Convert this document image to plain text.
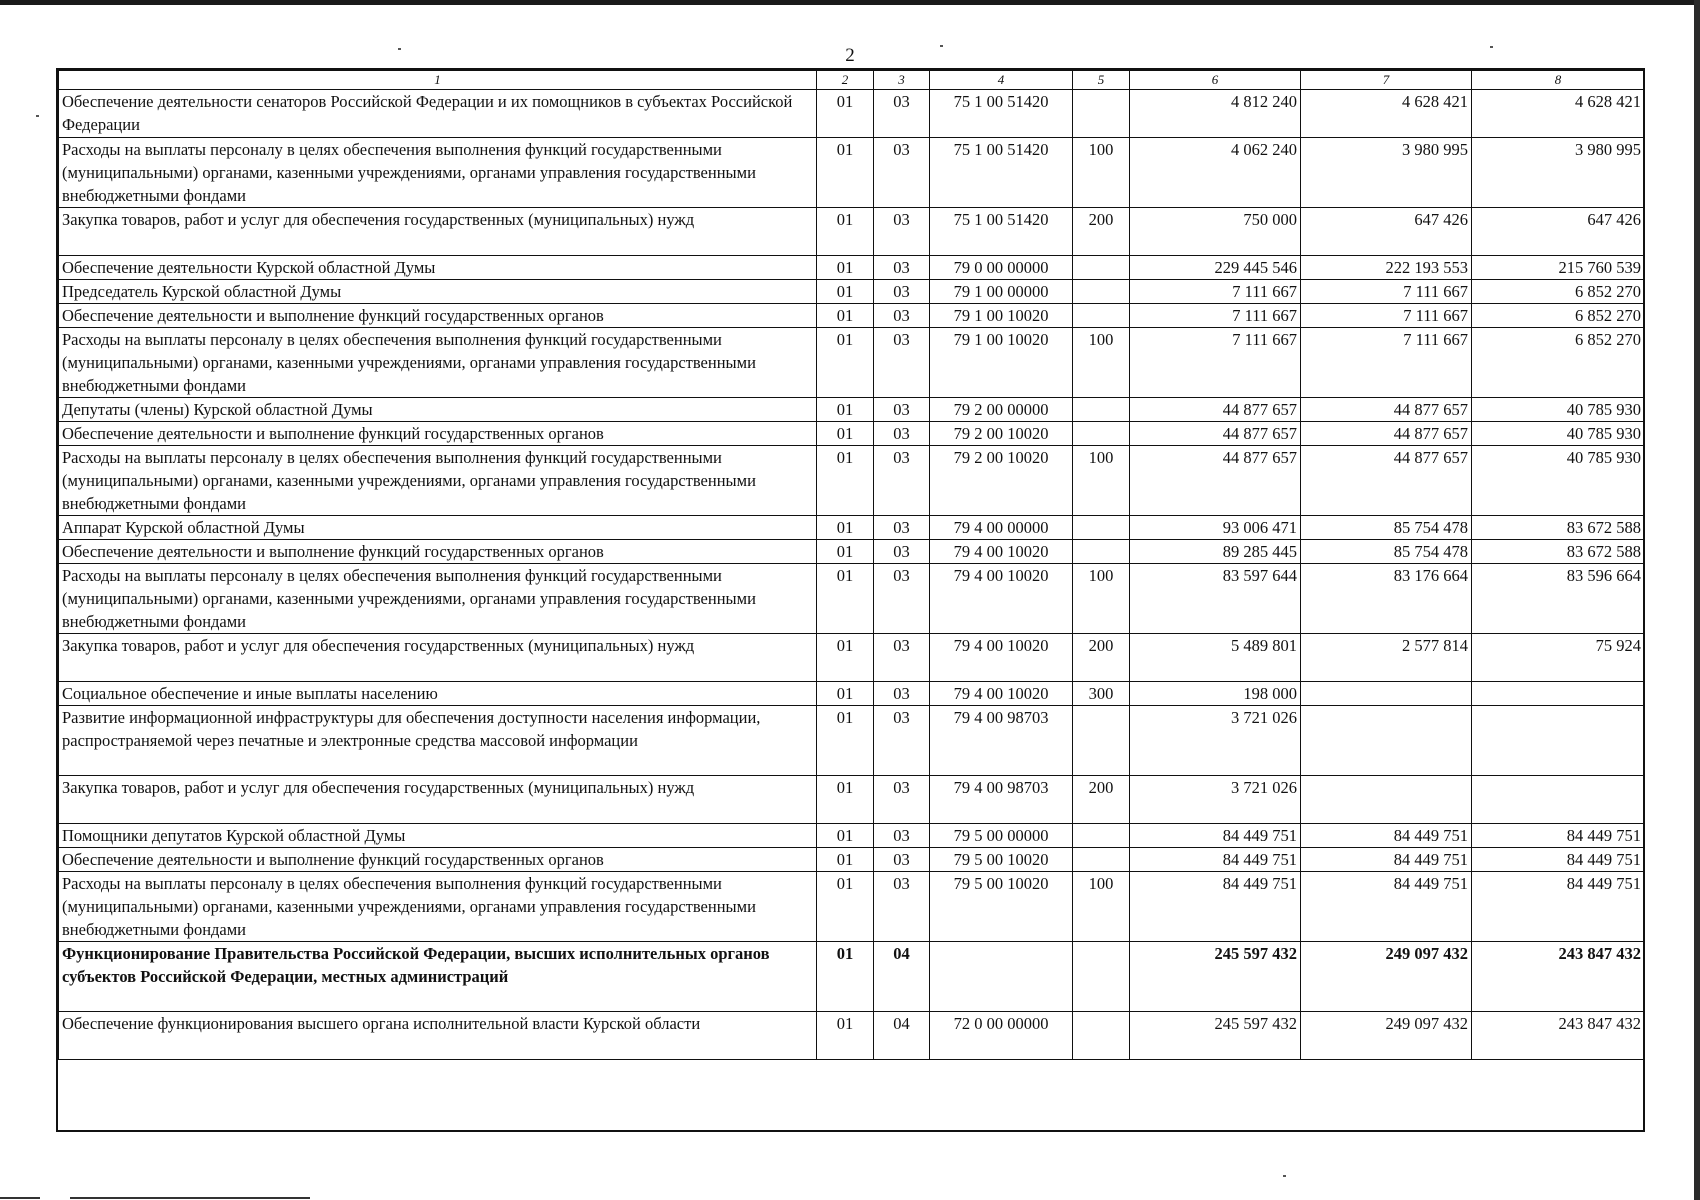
2
1	2	3	4	5	6	7	8
Обеспечение деятельности сенаторов Российской Федерации и их помощников в субъектах Российской Федерации	01	03	75 1 00 51420		4 812 240	4 628 421	4 628 421
Расходы на выплаты персоналу в целях обеспечения выполнения функций государственными (муниципальными) органами, казенными учреждениями, органами управления государственными внебюджетными фондами	01	03	75 1 00 51420	100	4 062 240	3 980 995	3 980 995
Закупка товаров, работ и услуг для обеспечения государственных (муниципальных) нужд	01	03	75 1 00 51420	200	750 000	647 426	647 426
Обеспечение деятельности Курской областной Думы	01	03	79 0 00 00000		229 445 546	222 193 553	215 760 539
Председатель Курской областной Думы	01	03	79 1 00 00000		7 111 667	7 111 667	6 852 270
Обеспечение деятельности и выполнение функций государственных органов	01	03	79 1 00 10020		7 111 667	7 111 667	6 852 270
Расходы на выплаты персоналу в целях обеспечения выполнения функций государственными (муниципальными) органами, казенными учреждениями, органами управления государственными внебюджетными фондами	01	03	79 1 00 10020	100	7 111 667	7 111 667	6 852 270
Депутаты (члены) Курской областной Думы	01	03	79 2 00 00000		44 877 657	44 877 657	40 785 930
Обеспечение деятельности и выполнение функций государственных органов	01	03	79 2 00 10020		44 877 657	44 877 657	40 785 930
Расходы на выплаты персоналу в целях обеспечения выполнения функций государственными (муниципальными) органами, казенными учреждениями, органами управления государственными внебюджетными фондами	01	03	79 2 00 10020	100	44 877 657	44 877 657	40 785 930
Аппарат Курской областной Думы	01	03	79 4 00 00000		93 006 471	85 754 478	83 672 588
Обеспечение деятельности и выполнение функций государственных органов	01	03	79 4 00 10020		89 285 445	85 754 478	83 672 588
Расходы на выплаты персоналу в целях обеспечения выполнения функций государственными (муниципальными) органами, казенными учреждениями, органами управления государственными внебюджетными фондами	01	03	79 4 00 10020	100	83 597 644	83 176 664	83 596 664
Закупка товаров, работ и услуг для обеспечения государственных (муниципальных) нужд	01	03	79 4 00 10020	200	5 489 801	2 577 814	75 924
Социальное обеспечение и иные выплаты населению	01	03	79 4 00 10020	300	198 000		
Развитие информационной инфраструктуры для обеспечения доступности населения информации, распространяемой через печатные и электронные средства массовой информации	01	03	79 4 00 98703		3 721 026		
Закупка товаров, работ и услуг для обеспечения государственных (муниципальных) нужд	01	03	79 4 00 98703	200	3 721 026		
Помощники депутатов Курской областной Думы	01	03	79 5 00 00000		84 449 751	84 449 751	84 449 751
Обеспечение деятельности и выполнение функций государственных органов	01	03	79 5 00 10020		84 449 751	84 449 751	84 449 751
Расходы на выплаты персоналу в целях обеспечения выполнения функций государственными (муниципальными) органами, казенными учреждениями, органами управления государственными внебюджетными фондами	01	03	79 5 00 10020	100	84 449 751	84 449 751	84 449 751
Функционирование Правительства Российской Федерации, высших исполнительных органов субъектов Российской Федерации, местных администраций	01	04			245 597 432	249 097 432	243 847 432
Обеспечение функционирования высшего органа исполнительной власти Курской области	01	04	72 0 00 00000		245 597 432	249 097 432	243 847 432
